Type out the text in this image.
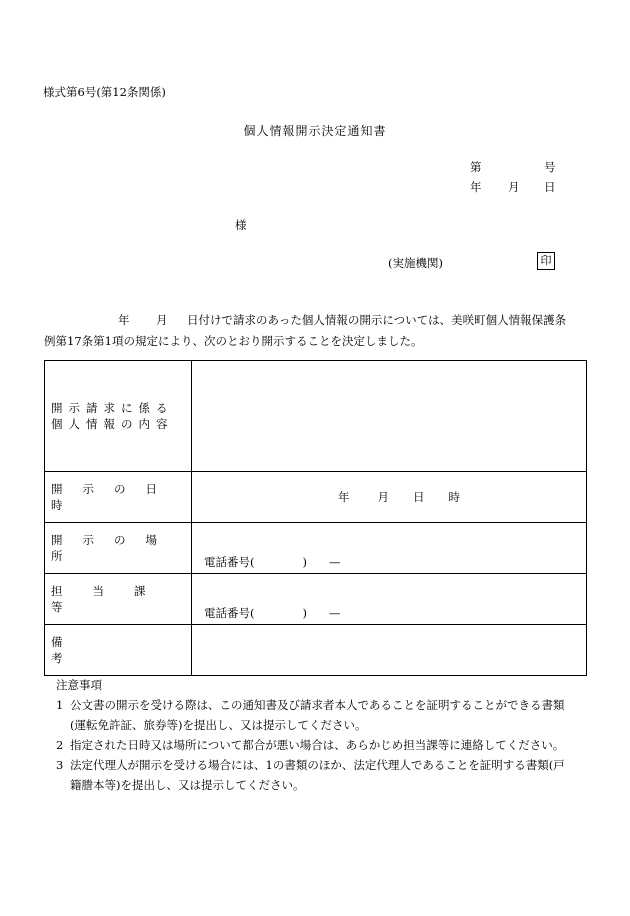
様式第6号(第12条関係)
個人情報開示決定通知書
第	号
年 月 日
様
(実施機関)	印
年 月 日付けで請求のあった個人情報の開示については、美咲町個人情報保護条
例第17条第1項の規定により、次のとおり開示することを決定しました。
開示請求に係る
個人情報の内容	

開示の日時	年 月 日 時
開示の場所	電話番号( ) —

担当課等	電話番号( ) —

備考	
注意事項
1 公文書の開示を受ける際は、この通知書及び請求者本人であることを証明することができる書類
(運転免許証、旅券等)を提出し、又は提示してください。
2 指定された日時又は場所について都合が悪い場合は、あらかじめ担当課等に連絡してください。
3 法定代理人が開示を受ける場合には、1の書類のほか、法定代理人であることを証明する書類(戸
籍謄本等)を提出し、又は提示してください。
